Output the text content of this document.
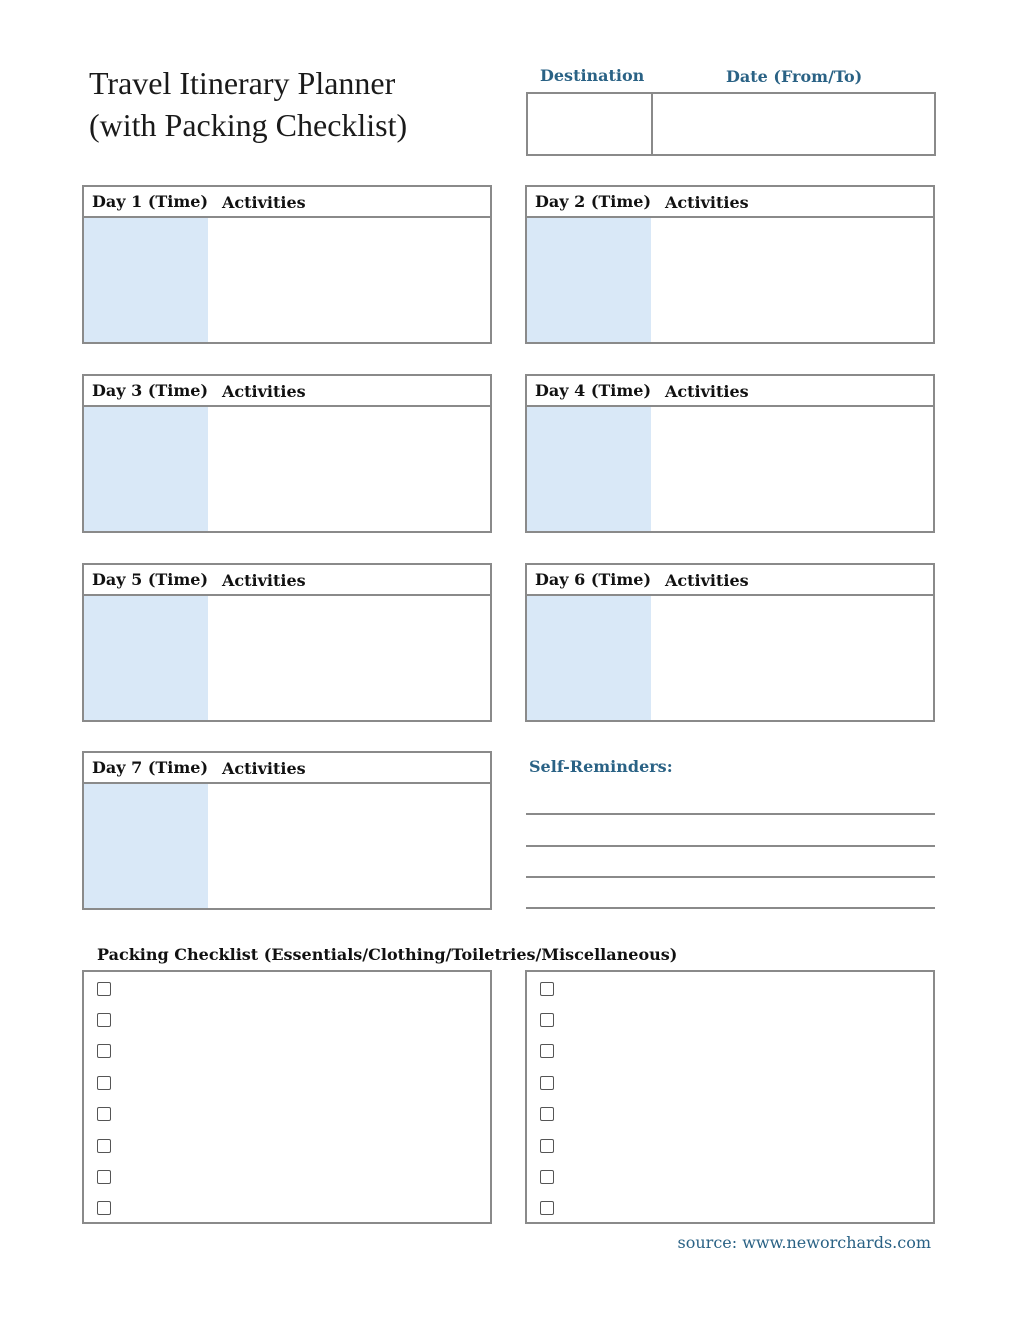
Travel Itinerary Planner
(with Packing Checklist)
Destination	Date (From/To)
Day 1 (Time) Activities	Day 2 (Time) Activities
Day 3 (Time) Activities	Day 4 (Time) Activities
Day 5 (Time) Activities	Day 6 (Time) Activities
Day 7 (Time) Activities	Self-Reminders:
Packing Checklist (Essentials/Clothing/Toiletries/Miscellaneous)
source: www.neworchards.com
